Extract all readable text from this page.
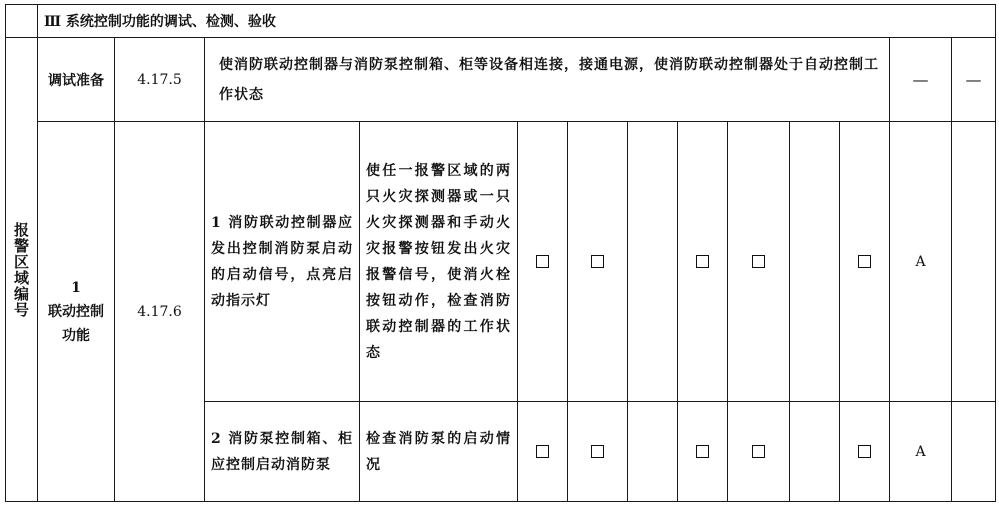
	Ⅲ 系统控制功能的调试、检测、验收												

报警区域编号	调试准备	4.17.5	使消防联动控制器与消防泵控制箱、柜等设备相连接，接通电源，使消防联动控制器处于自动控制工作状态									—	—

	1
联动控制
功能	4.17.6	1 消防联动控制器应发出控制消防泵启动的启动信号，点亮启动指示灯	使任一报警区域的两只火灾探测器或一只火灾探测器和手动火灾报警按钮发出火灾报警信号，使消火栓按钮动作，检查消防联动控制器的工作状态								A	

			2 消防泵控制箱、柜应控制启动消防泵	检查消防泵的启动情况								A	
